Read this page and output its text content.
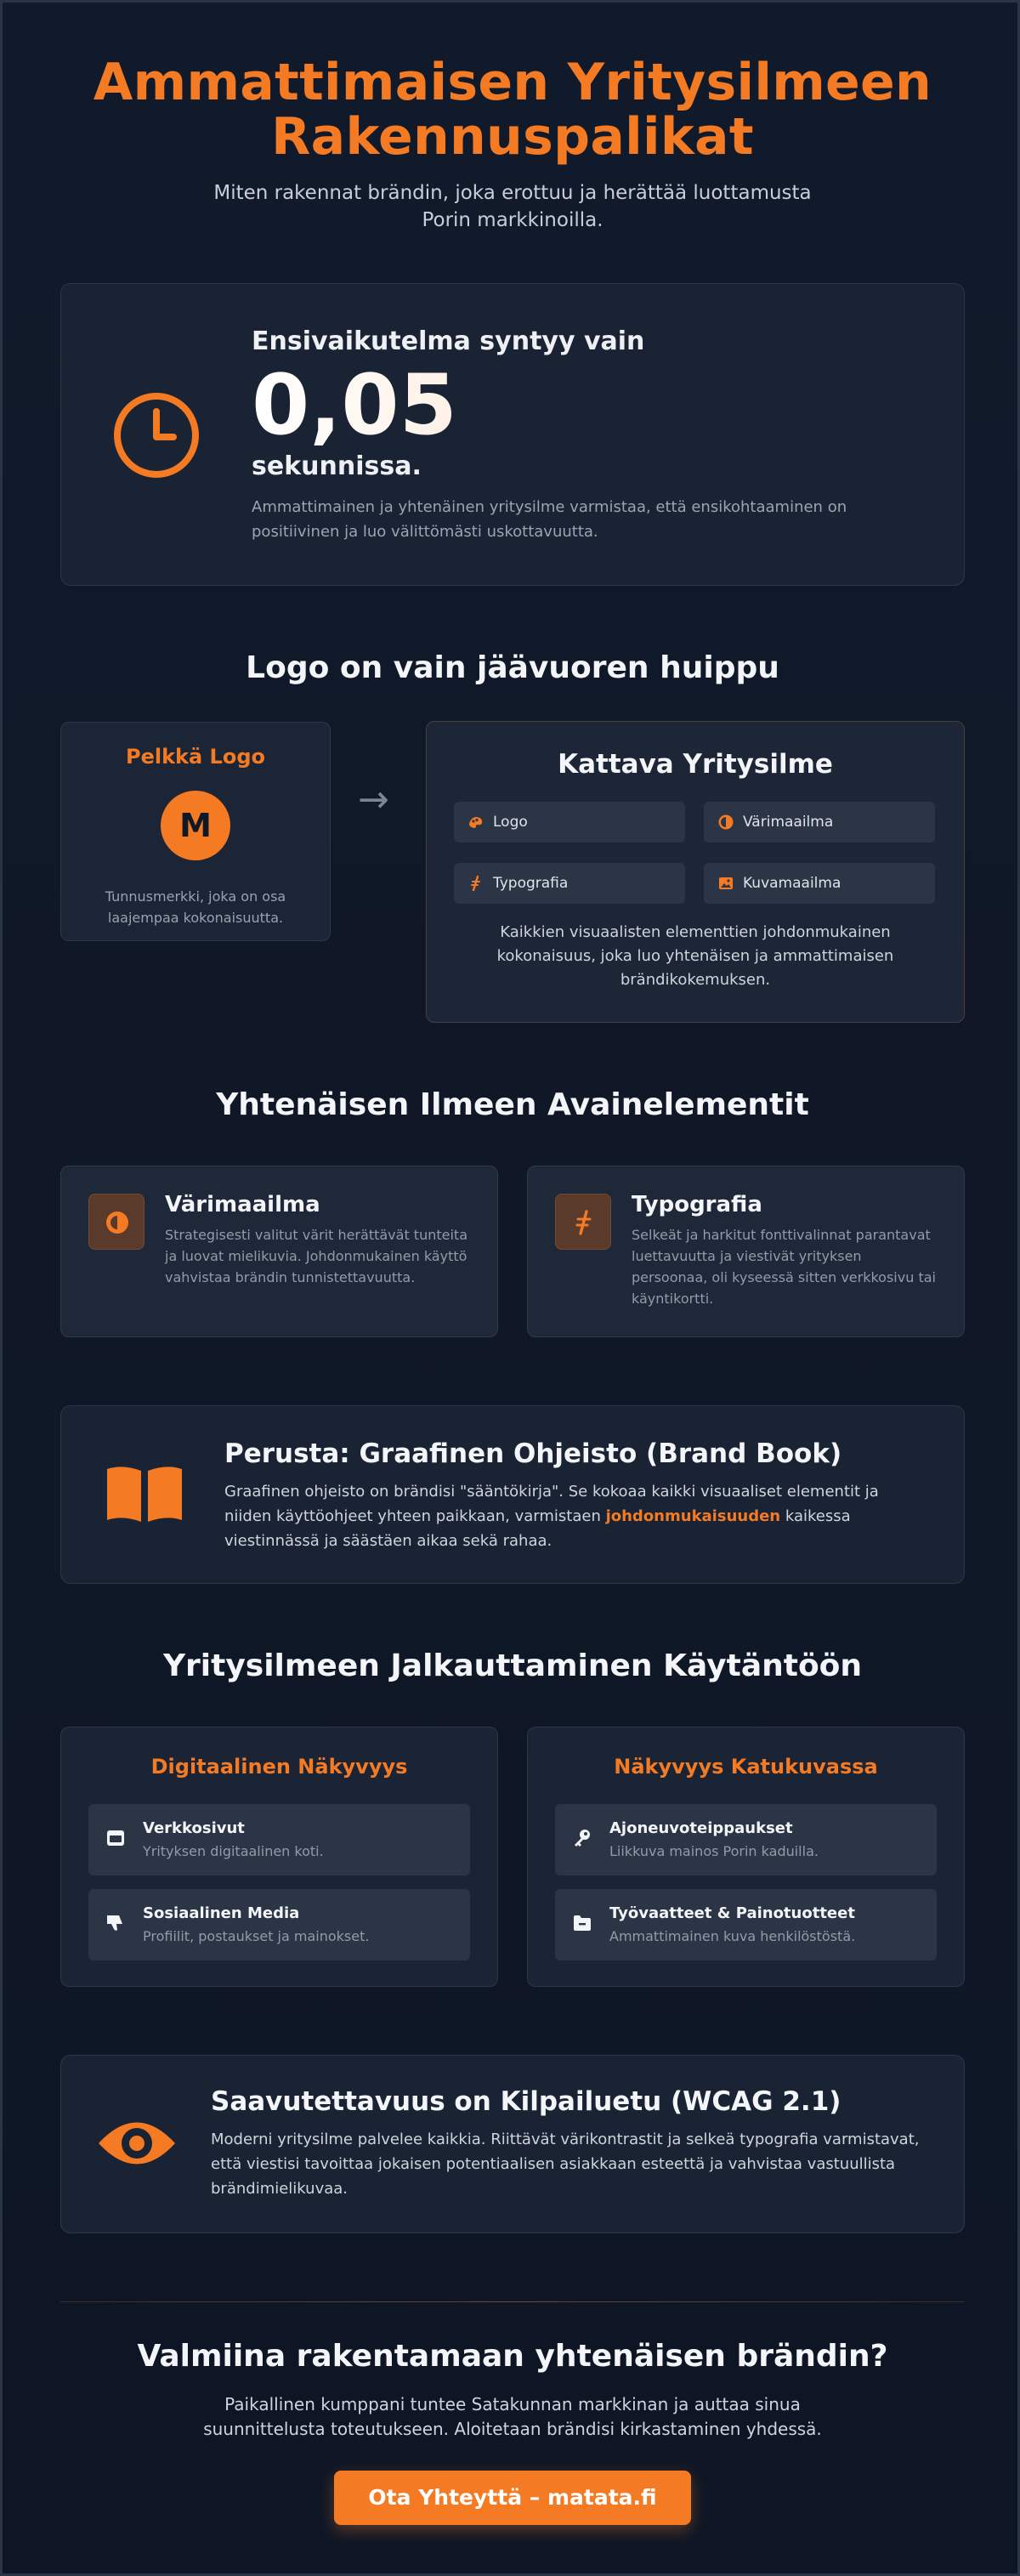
Ammattimaisen Yritysilmeen Rakennuspalikat

Miten rakennat brändin, joka erottuu ja herättää luottamusta Porin markkinoilla.

Ensivaikutelma syntyy vain
0,05
sekunnissa.
Ammattimainen ja yhtenäinen yritysilme varmistaa, että ensikohtaaminen on positiivinen ja luo välittömästi uskottavuutta.
Logo on vain jäävuoren huippu
Pelkkä Logo
M
Tunnusmerkki, joka on osa laajempaa kokonaisuutta.
→
Kattava Yritysilme
Logo	Värimaailma
Typografia	Kuvamaailma
Kaikkien visuaalisten elementtien johdonmukainen kokonaisuus, joka luo yhtenäisen ja ammattimaisen brändikokemuksen.
Yhtenäisen Ilmeen Avainelementit
Värimaailma
Strategisesti valitut värit herättävät tunteita ja luovat mielikuvia. Johdonmukainen käyttö vahvistaa brändin tunnistettavuutta.
Typografia
Selkeät ja harkitut fonttivalinnat parantavat luettavuutta ja viestivät yrityksen persoonaa, oli kyseessä sitten verkkosivu tai käyntikortti.
Perusta: Graafinen Ohjeisto (Brand Book)
Graafinen ohjeisto on brändisi "sääntökirja". Se kokoaa kaikki visuaaliset elementit ja niiden käyttöohjeet yhteen paikkaan, varmistaen johdonmukaisuuden kaikessa viestinnässä ja säästäen aikaa sekä rahaa.
Yritysilmeen Jalkauttaminen Käytäntöön
Digitaalinen Näkyvyys
Verkkosivut
Yrityksen digitaalinen koti.
Sosiaalinen Media
Profiilit, postaukset ja mainokset.
Näkyvyys Katukuvassa
Ajoneuvoteippaukset
Liikkuva mainos Porin kaduilla.
Työvaatteet & Painotuotteet
Ammattimainen kuva henkilöstöstä.
Saavutettavuus on Kilpailuetu (WCAG 2.1)
Moderni yritysilme palvelee kaikkia. Riittävät värikontrastit ja selkeä typografia varmistavat, että viestisi tavoittaa jokaisen potentiaalisen asiakkaan esteettä ja vahvistaa vastuullista brändimielikuvaa.
Valmiina rakentamaan yhtenäisen brändin?

Paikallinen kumppani tuntee Satakunnan markkinan ja auttaa sinua suunnittelusta toteutukseen. Aloitetaan brändisi kirkastaminen yhdessä.

Ota Yhteyttä – matata.fi
